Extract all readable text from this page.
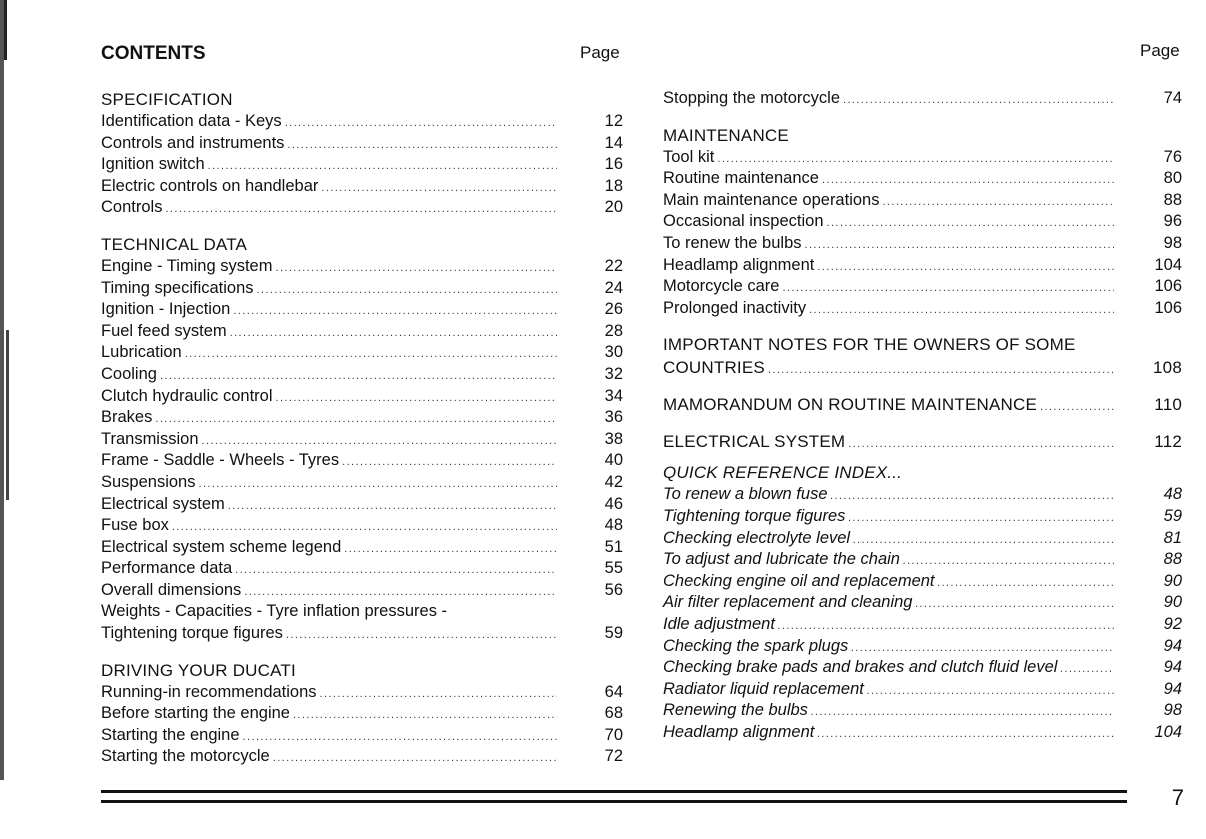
CONTENTS	Page	Page
SPECIFICATION
Identification data - Keys .....	12
Controls and instruments .....	14
Ignition switch .....	16
Electric controls on handlebar .....	18
Controls .....	20
TECHNICAL DATA
Engine - Timing system .....	22
Timing specifications .....	24
Ignition - Injection .....	26
Fuel feed system .....	28
Lubrication .....	30
Cooling .....	32
Clutch hydraulic control .....	34
Brakes .....	36
Transmission .....	38
Frame - Saddle - Wheels - Tyres .....	40
Suspensions .....	42
Electrical system .....	46
Fuse box .....	48
Electrical system scheme legend .....	51
Performance data .....	55
Overall dimensions .....	56
Weights - Capacities - Tyre inflation pressures -
Tightening torque figures .....	59
DRIVING YOUR DUCATI
Running-in recommendations .....	64
Before starting the engine .....	68
Starting the engine .....	70
Starting the motorcycle .....	72
Stopping the motorcycle .....	74
MAINTENANCE
Tool kit .....	76
Routine maintenance .....	80
Main maintenance operations .....	88
Occasional inspection .....	96
To renew the bulbs .....	98
Headlamp alignment .....	104
Motorcycle care .....	106
Prolonged inactivity .....	106
IMPORTANT NOTES FOR THE OWNERS OF SOME
COUNTRIES .....	108
MAMORANDUM ON ROUTINE MAINTENANCE .....	110
ELECTRICAL SYSTEM .....	112
QUICK REFERENCE INDEX...
To renew a blown fuse .....	48
Tightening torque figures .....	59
Checking electrolyte level .....	81
To adjust and lubricate the chain .....	88
Checking engine oil and replacement .....	90
Air filter replacement and cleaning .....	90
Idle adjustment .....	92
Checking the spark plugs .....	94
Checking brake pads and brakes and clutch fluid level .....	94
Radiator liquid replacement .....	94
Renewing the bulbs .....	98
Headlamp alignment .....	104
7
